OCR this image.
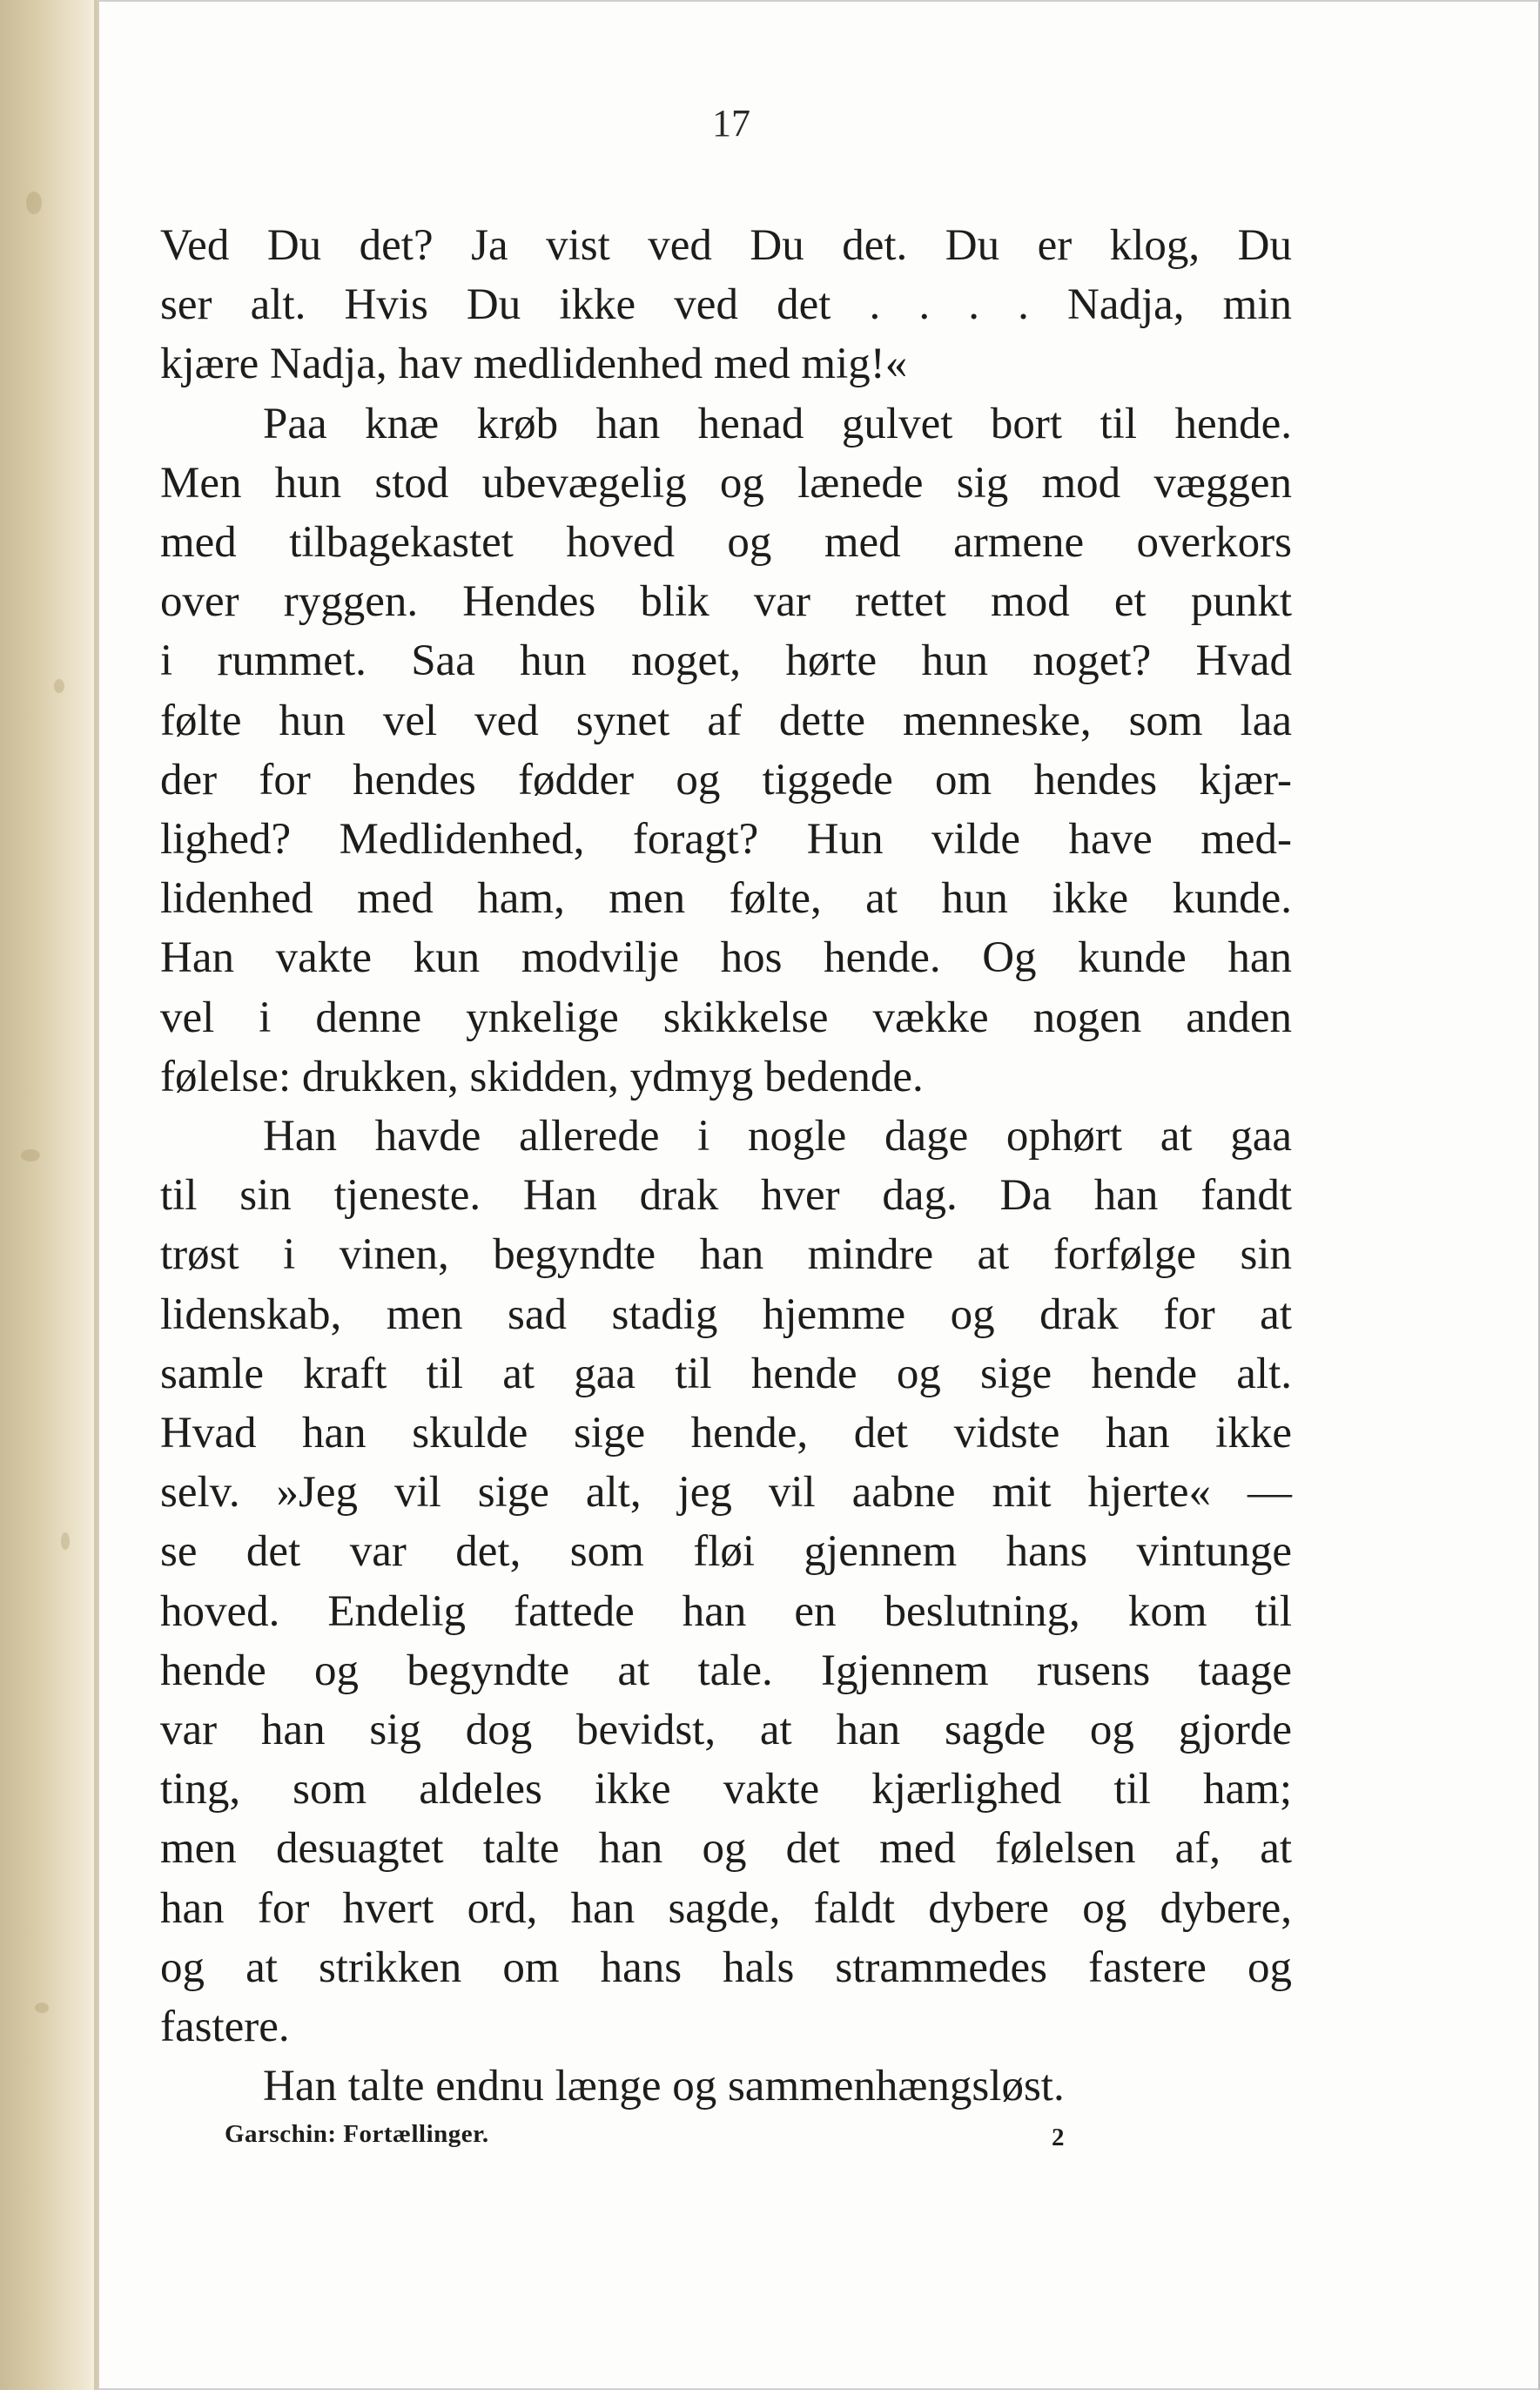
17
Ved Du det? Ja vist ved Du det. Du er klog, Du
ser alt. Hvis Du ikke ved det . . . . Nadja, min
kjære Nadja, hav medlidenhed med mig!«
Paa knæ krøb han henad gulvet bort til hende.
Men hun stod ubevægelig og lænede sig mod væggen
med tilbagekastet hoved og med armene overkors
over ryggen. Hendes blik var rettet mod et punkt
i rummet. Saa hun noget, hørte hun noget? Hvad
følte hun vel ved synet af dette menneske, som laa
der for hendes fødder og tiggede om hendes kjær-
lighed? Medlidenhed, foragt? Hun vilde have med-
lidenhed med ham, men følte, at hun ikke kunde.
Han vakte kun modvilje hos hende. Og kunde han
vel i denne ynkelige skikkelse vække nogen anden
følelse: drukken, skidden, ydmyg bedende.
Han havde allerede i nogle dage ophørt at gaa
til sin tjeneste. Han drak hver dag. Da han fandt
trøst i vinen, begyndte han mindre at forfølge sin
lidenskab, men sad stadig hjemme og drak for at
samle kraft til at gaa til hende og sige hende alt.
Hvad han skulde sige hende, det vidste han ikke
selv. »Jeg vil sige alt, jeg vil aabne mit hjerte« —
se det var det, som fløi gjennem hans vintunge
hoved. Endelig fattede han en beslutning, kom til
hende og begyndte at tale. Igjennem rusens taage
var han sig dog bevidst, at han sagde og gjorde
ting, som aldeles ikke vakte kjærlighed til ham;
men desuagtet talte han og det med følelsen af, at
han for hvert ord, han sagde, faldt dybere og dybere,
og at strikken om hans hals strammedes fastere og
fastere.
Han talte endnu længe og sammenhængsløst.
Garschin: Fortællinger.	2
